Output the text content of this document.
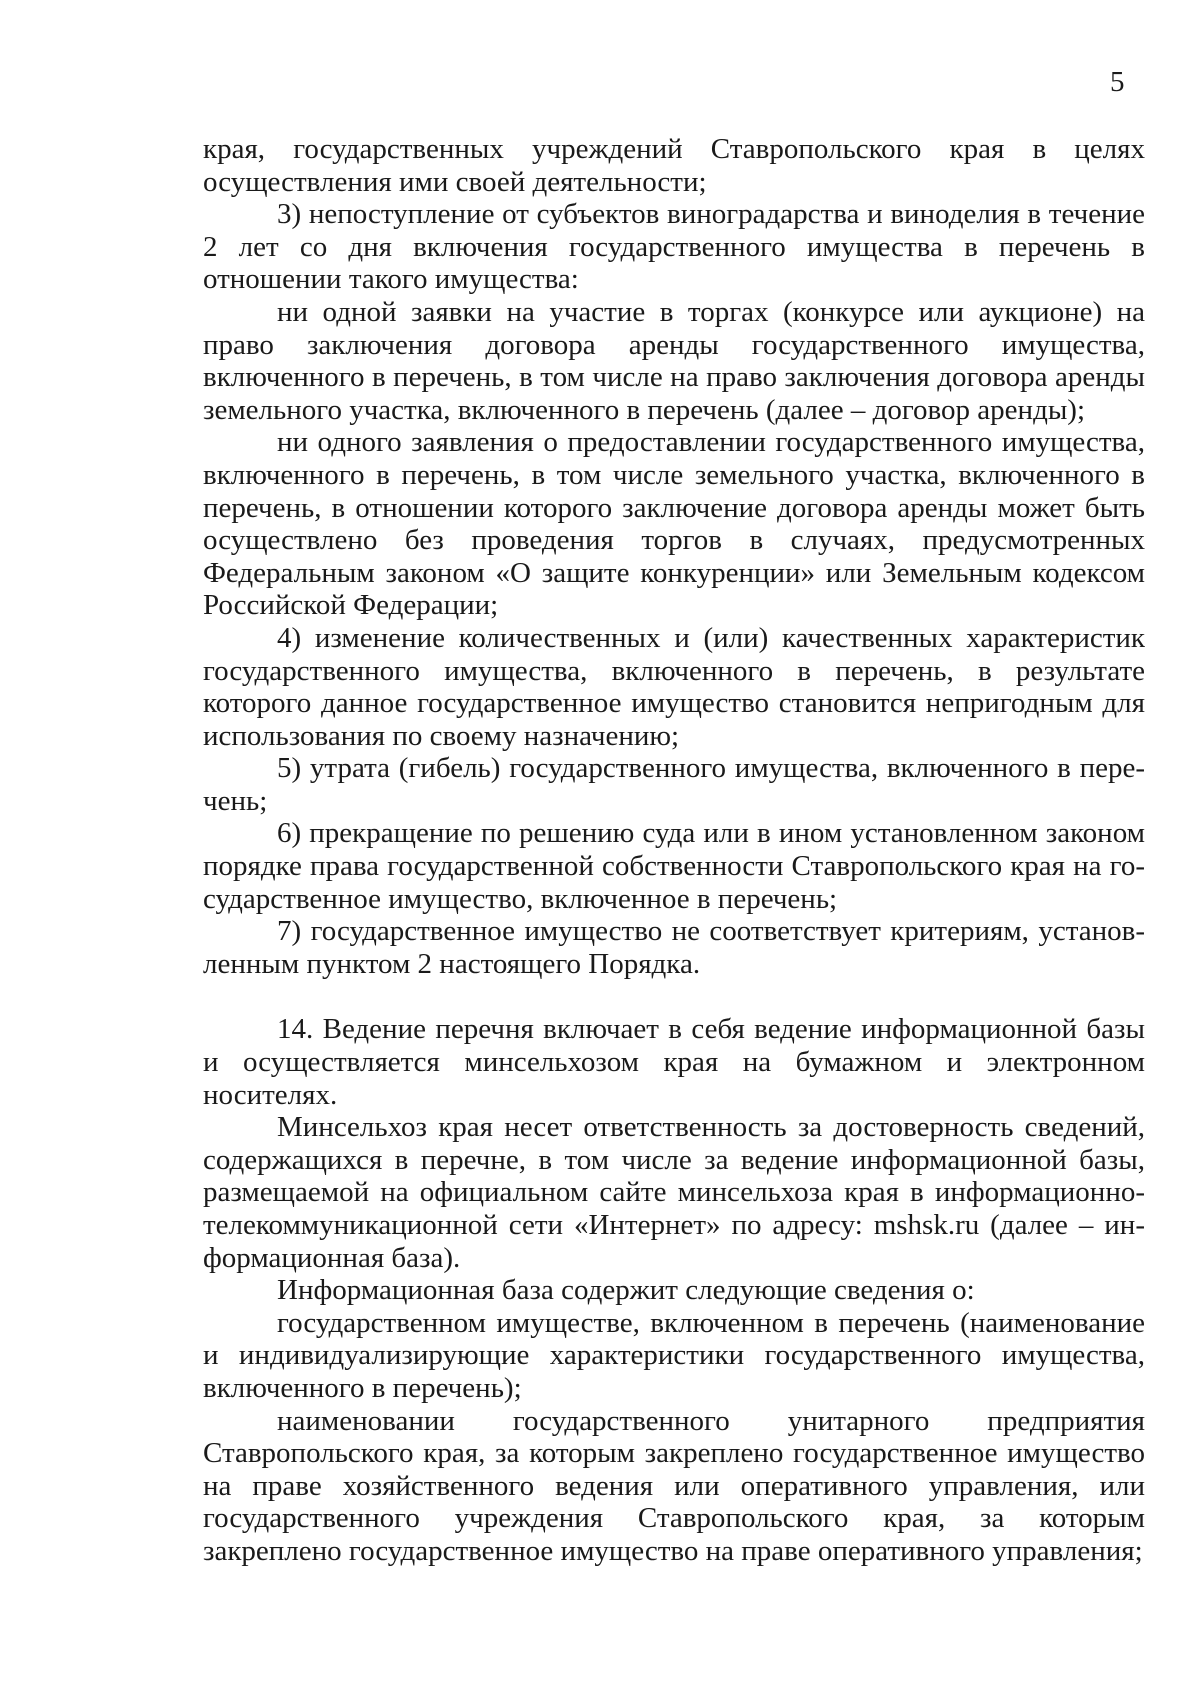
5

края, государственных учреждений Ставропольского края в целях осуществления ими своей деятельности;

3) непоступление от субъектов виноградарства и виноделия в течение 2 лет со дня включения государственного имущества в перечень в отношении такого имущества:

ни одной заявки на участие в торгах (конкурсе или аукционе) на право заключения договора аренды государственного имущества, включенного в перечень, в том числе на право заключения договора аренды земельного участка, включенного в перечень (далее – договор аренды);

ни одного заявления о предоставлении государственного имущества, включенного в перечень, в том числе земельного участка, включенного в перечень, в отношении которого заключение договора аренды может быть осуществлено без проведения торгов в случаях, предусмотренных Федеральным законом «О защите конкуренции» или Земельным кодексом Российской Федерации;

4) изменение количественных и (или) качественных характеристик государственного имущества, включенного в перечень, в результате которого данное государственное имущество становится непригодным для использования по своему назначению;

5) утрата (гибель) государственного имущества, включенного в перечень;

6) прекращение по решению суда или в ином установленном законом порядке права государственной собственности Ставропольского края на государственное имущество, включенное в перечень;

7) государственное имущество не соответствует критериям, установленным пунктом 2 настоящего Порядка.

14. Ведение перечня включает в себя ведение информационной базы и осуществляется минсельхозом края на бумажном и электронном носителях.

Минсельхоз края несет ответственность за достоверность сведений, содержащихся в перечне, в том числе за ведение информационной базы, размещаемой на официальном сайте минсельхоза края в информационно-телекоммуникационной сети «Интернет» по адресу: mshsk.ru (далее – информационная база).

Информационная база содержит следующие сведения о:

государственном имуществе, включенном в перечень (наименование и индивидуализирующие характеристики государственного имущества, включенного в перечень);

наименовании государственного унитарного предприятия Ставропольского края, за которым закреплено государственное имущество на праве хозяйственного ведения или оперативного управления, или государственного учреждения Ставропольского края, за которым закреплено государственное имущество на праве оперативного управления;
